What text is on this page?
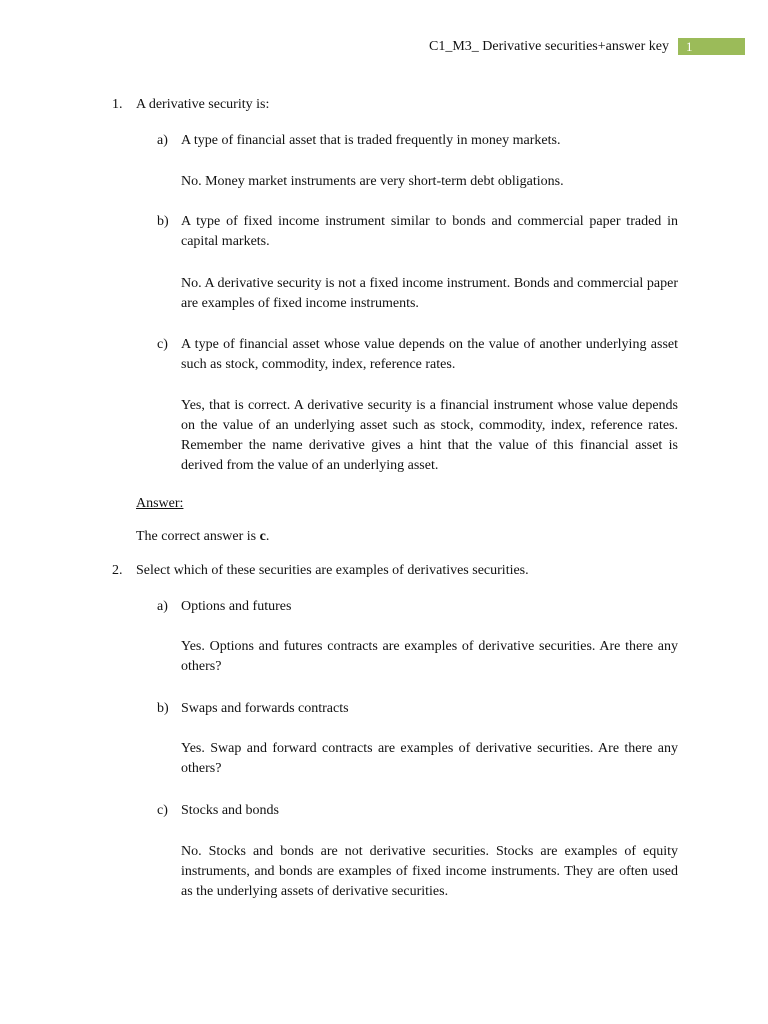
C1_M3_ Derivative securities+answer key	1
1. A derivative security is:
a) A type of financial asset that is traded frequently in money markets.
No. Money market instruments are very short-term debt obligations.
b) A type of fixed income instrument similar to bonds and commercial paper traded in capital markets.
No. A derivative security is not a fixed income instrument. Bonds and commercial paper are examples of fixed income instruments.
c) A type of financial asset whose value depends on the value of another underlying asset such as stock, commodity, index, reference rates.
Yes, that is correct. A derivative security is a financial instrument whose value depends on the value of an underlying asset such as stock, commodity, index, reference rates. Remember the name derivative gives a hint that the value of this financial asset is derived from the value of an underlying asset.
Answer:
The correct answer is c.
2. Select which of these securities are examples of derivatives securities.
a) Options and futures
Yes. Options and futures contracts are examples of derivative securities. Are there any others?
b) Swaps and forwards contracts
Yes. Swap and forward contracts are examples of derivative securities. Are there any others?
c) Stocks and bonds
No. Stocks and bonds are not derivative securities. Stocks are examples of equity instruments, and bonds are examples of fixed income instruments. They are often used as the underlying assets of derivative securities.
